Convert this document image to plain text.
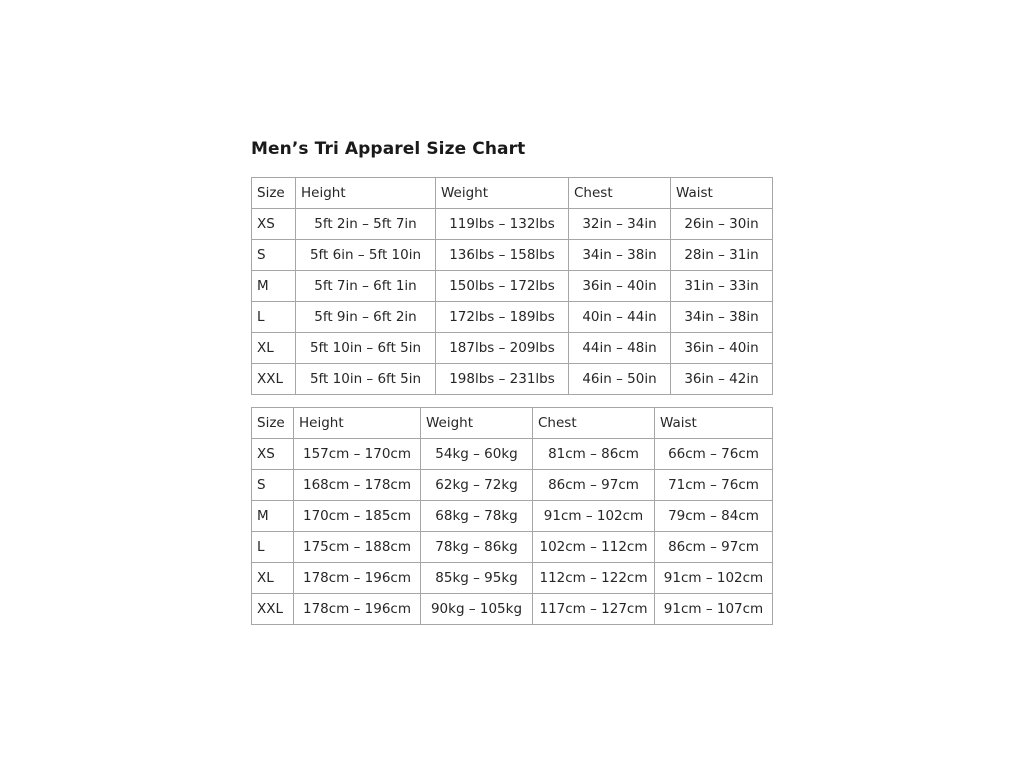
Men’s Tri Apparel Size Chart
Size	Height	Weight	Chest	Waist
XS	5ft 2in – 5ft 7in	119lbs – 132lbs	32in – 34in	26in – 30in
S	5ft 6in – 5ft 10in	136lbs – 158lbs	34in – 38in	28in – 31in
M	5ft 7in – 6ft 1in	150lbs – 172lbs	36in – 40in	31in – 33in
L	5ft 9in – 6ft 2in	172lbs – 189lbs	40in – 44in	34in – 38in
XL	5ft 10in – 6ft 5in	187lbs – 209lbs	44in – 48in	36in – 40in
XXL	5ft 10in – 6ft 5in	198lbs – 231lbs	46in – 50in	36in – 42in
Size	Height	Weight	Chest	Waist
XS	157cm – 170cm	54kg – 60kg	81cm – 86cm	66cm – 76cm
S	168cm – 178cm	62kg – 72kg	86cm – 97cm	71cm – 76cm
M	170cm – 185cm	68kg – 78kg	91cm – 102cm	79cm – 84cm
L	175cm – 188cm	78kg – 86kg	102cm – 112cm	86cm – 97cm
XL	178cm – 196cm	85kg – 95kg	112cm – 122cm	91cm – 102cm
XXL	178cm – 196cm	90kg – 105kg	117cm – 127cm	91cm – 107cm
